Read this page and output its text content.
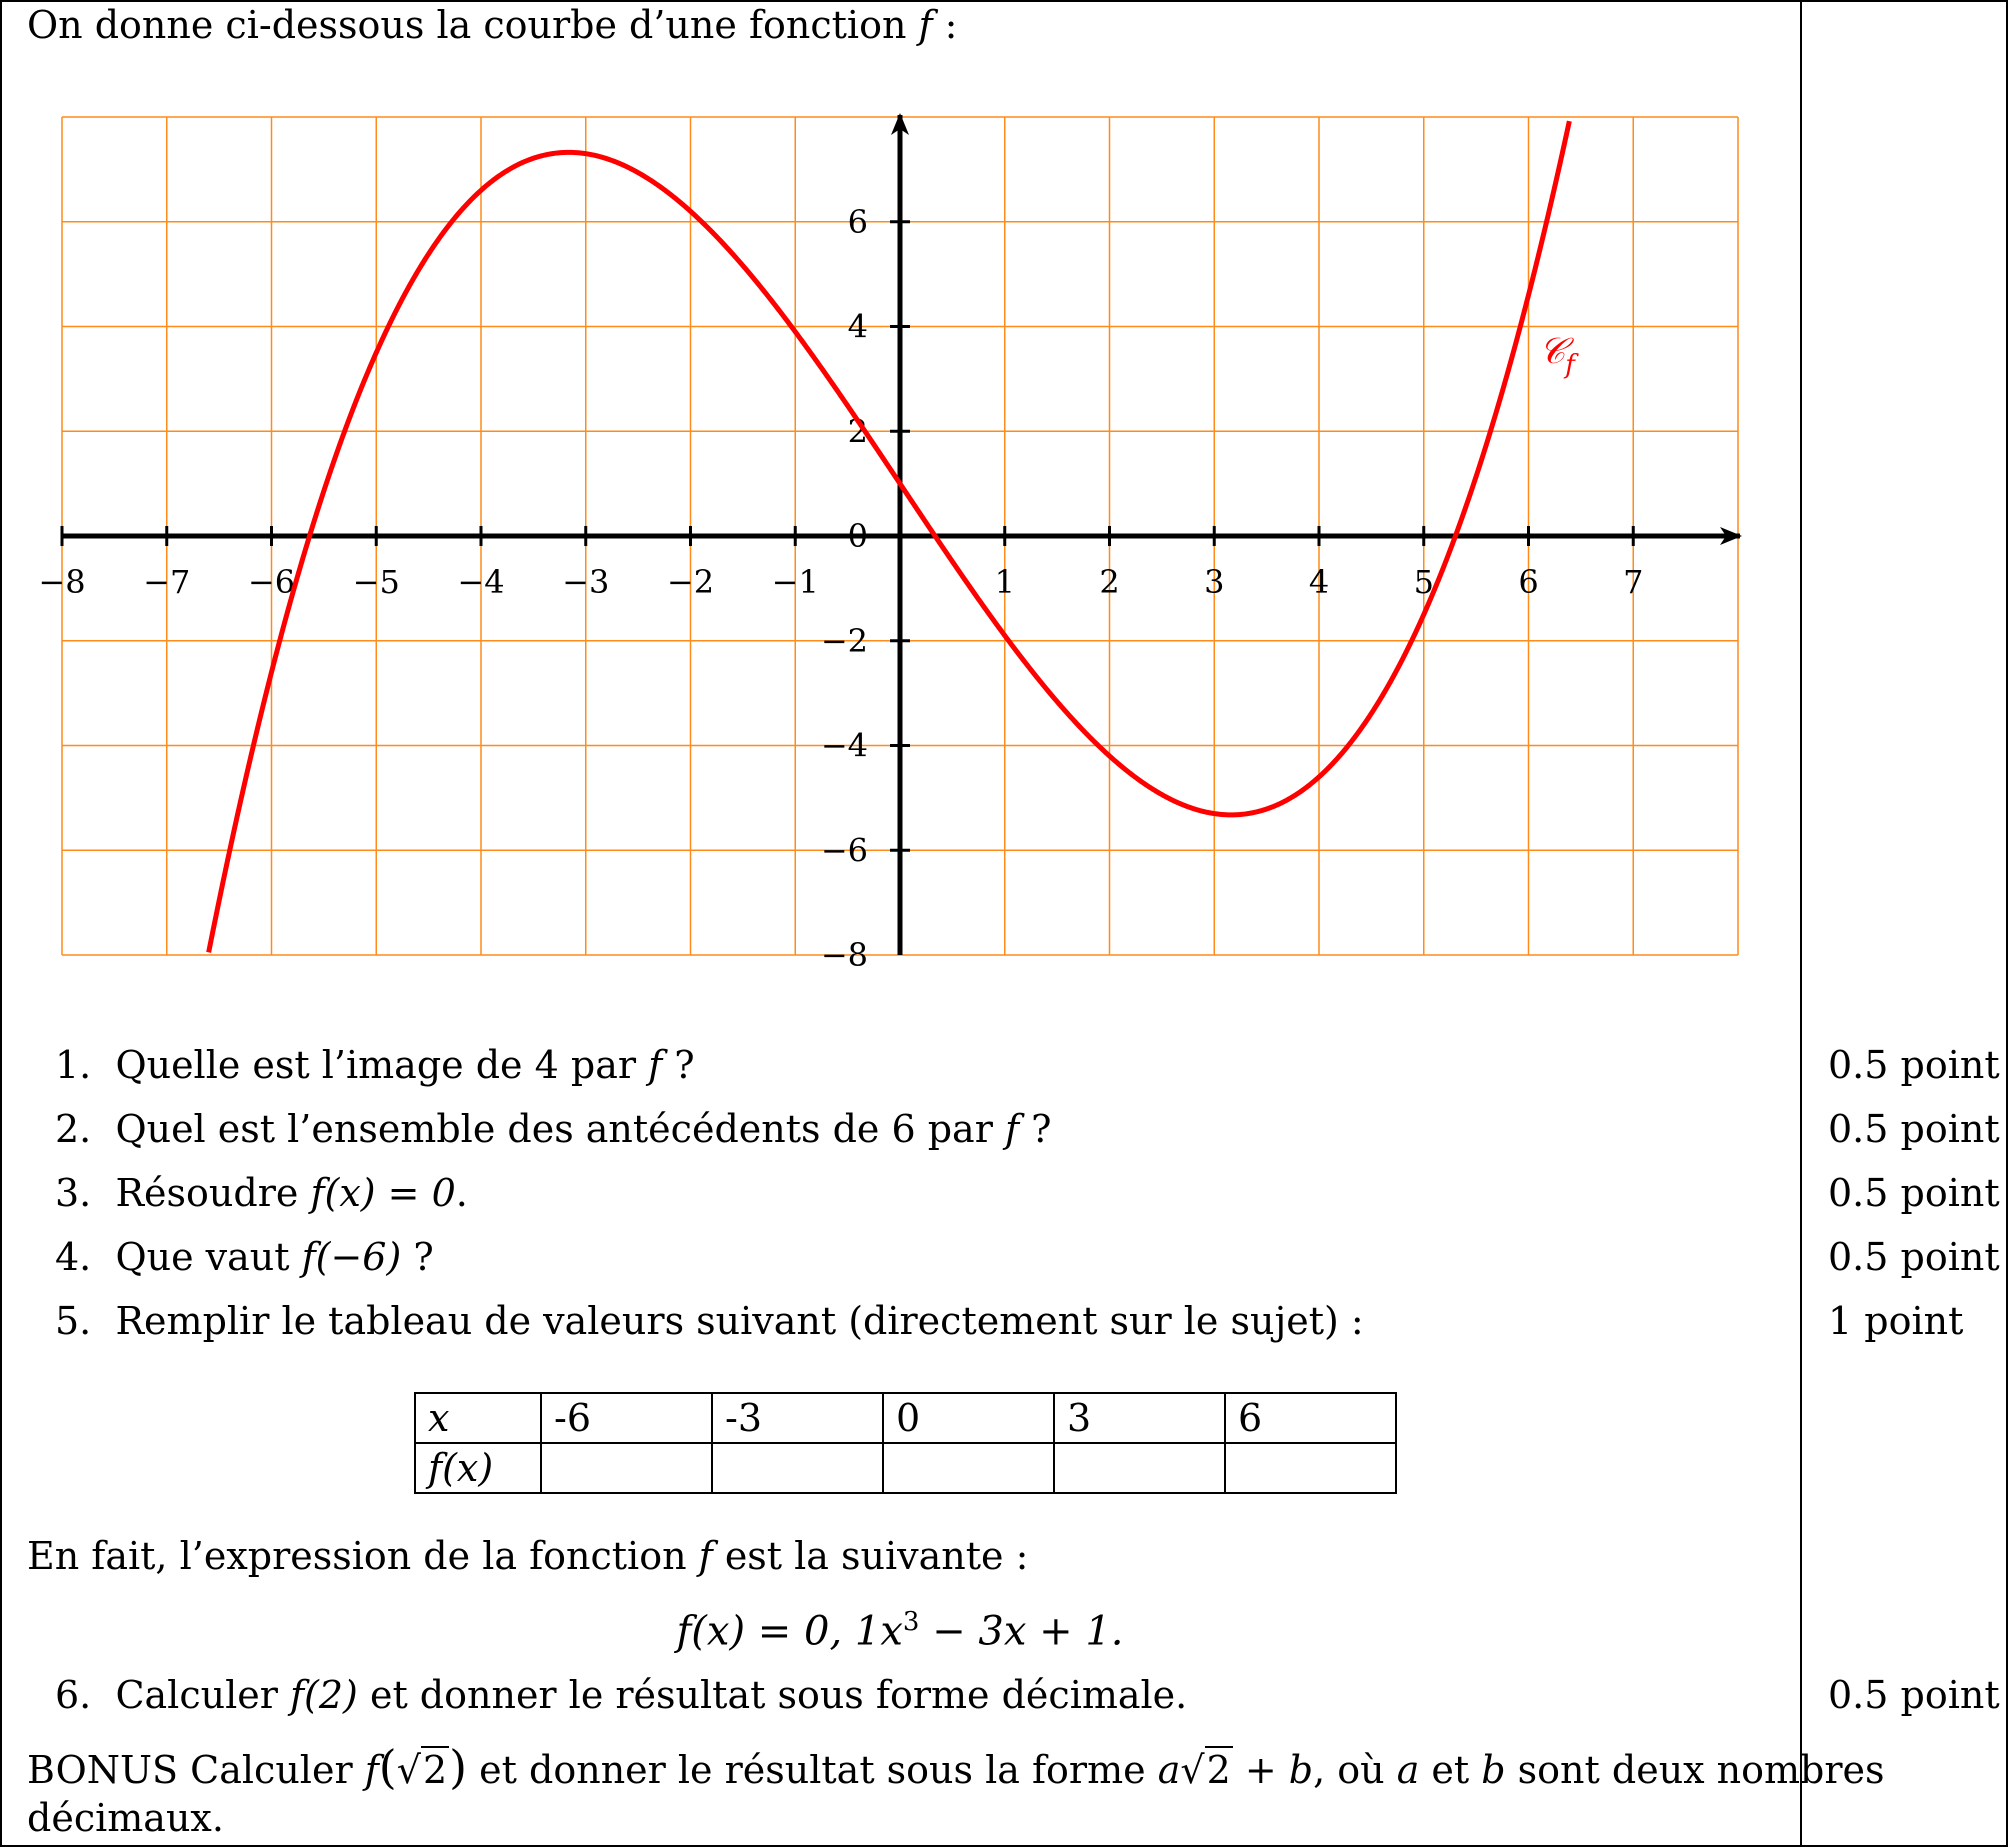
On donne ci-dessous la courbe d’une fonction f :
−8 −7 −6 −5 −4 −3 −2 −1	1	2	3	4	5	6	7
−8
−6
−4
−2
0
2
4
6
𝒞$_f$
1. Quelle est l’image de 4 par f ?	0.5 point
2. Quel est l’ensemble des antécédents de 6 par f ?	0.5 point
3. Résoudre f(x) = 0.	0.5 point
4. Que vaut f(−6) ?	0.5 point
5. Remplir le tableau de valeurs suivant (directement sur le sujet) :	1 point
x	-6	-3	0	3	6
f(x)					
En fait, l’expression de la fonction f est la suivante :
f(x) = 0, $1x^3 - 3x + 1$.
6. Calculer f(2) et donner le résultat sous forme décimale.	0.5 point
BONUS Calculer f(√2) et donner le résultat sous la forme a√2 + b, où a et b sont deux nombres
décimaux.
